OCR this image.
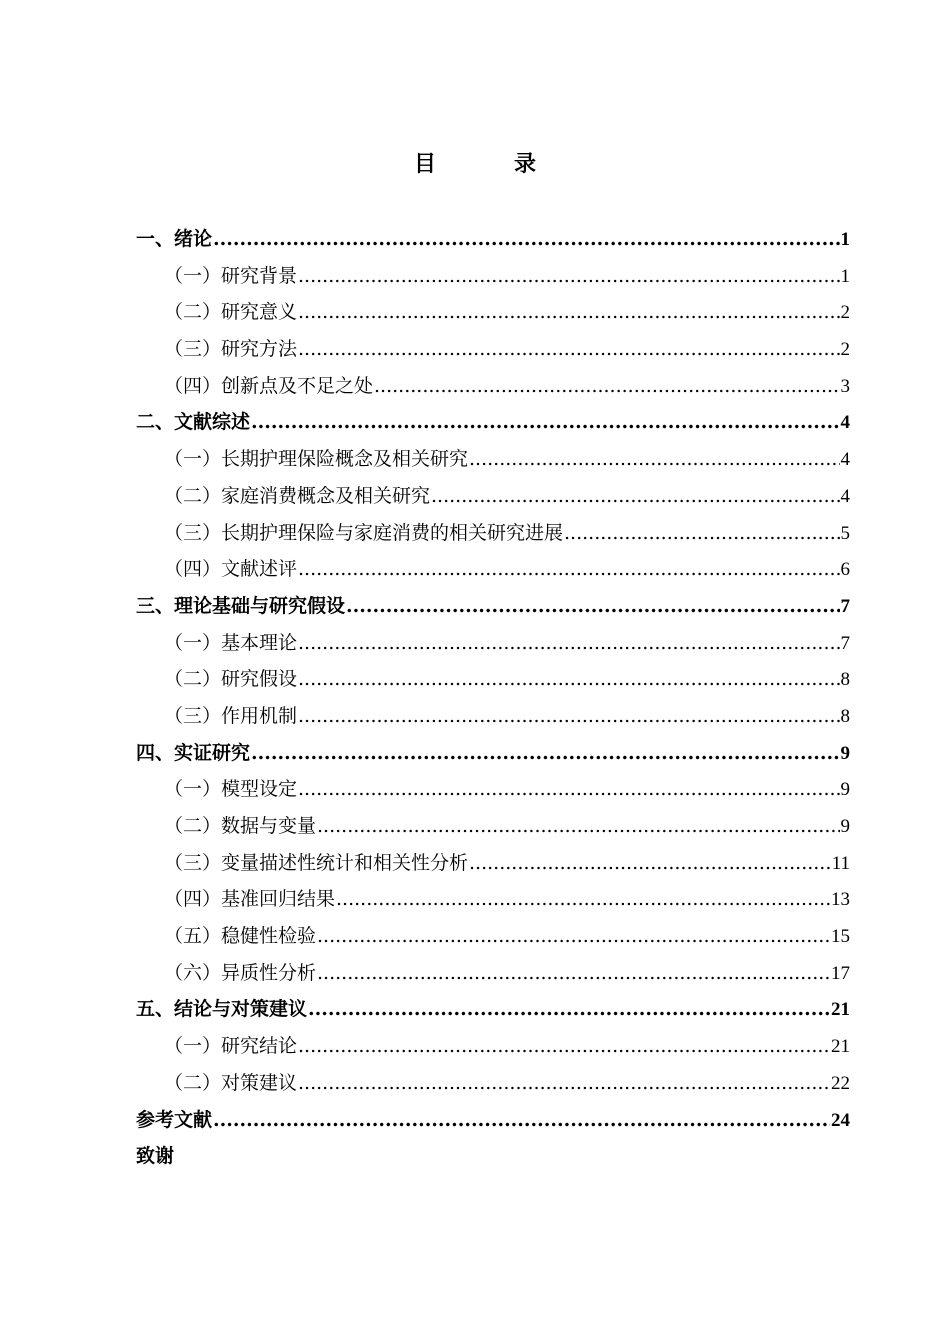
目　录
一、绪论 .....	1
（一）研究背景 .....	1
（二）研究意义 .....	2
（三）研究方法 .....	2
（四）创新点及不足之处 .....	3
二、文献综述 .....	4
（一）长期护理保险概念及相关研究 .....	4
（二）家庭消费概念及相关研究 .....	4
（三）长期护理保险与家庭消费的相关研究进展 .....	5
（四）文献述评 .....	6
三、理论基础与研究假设 .....	7
（一）基本理论 .....	7
（二）研究假设 .....	8
（三）作用机制 .....	8
四、实证研究 .....	9
（一）模型设定 .....	9
（二）数据与变量 .....	9
（三）变量描述性统计和相关性分析 .....	11
（四）基准回归结果 .....	13
（五）稳健性检验 .....	15
（六）异质性分析 .....	17
五、结论与对策建议 .....	21
（一）研究结论 .....	21
（二）对策建议 .....	22
参考文献 .....	24
致谢
